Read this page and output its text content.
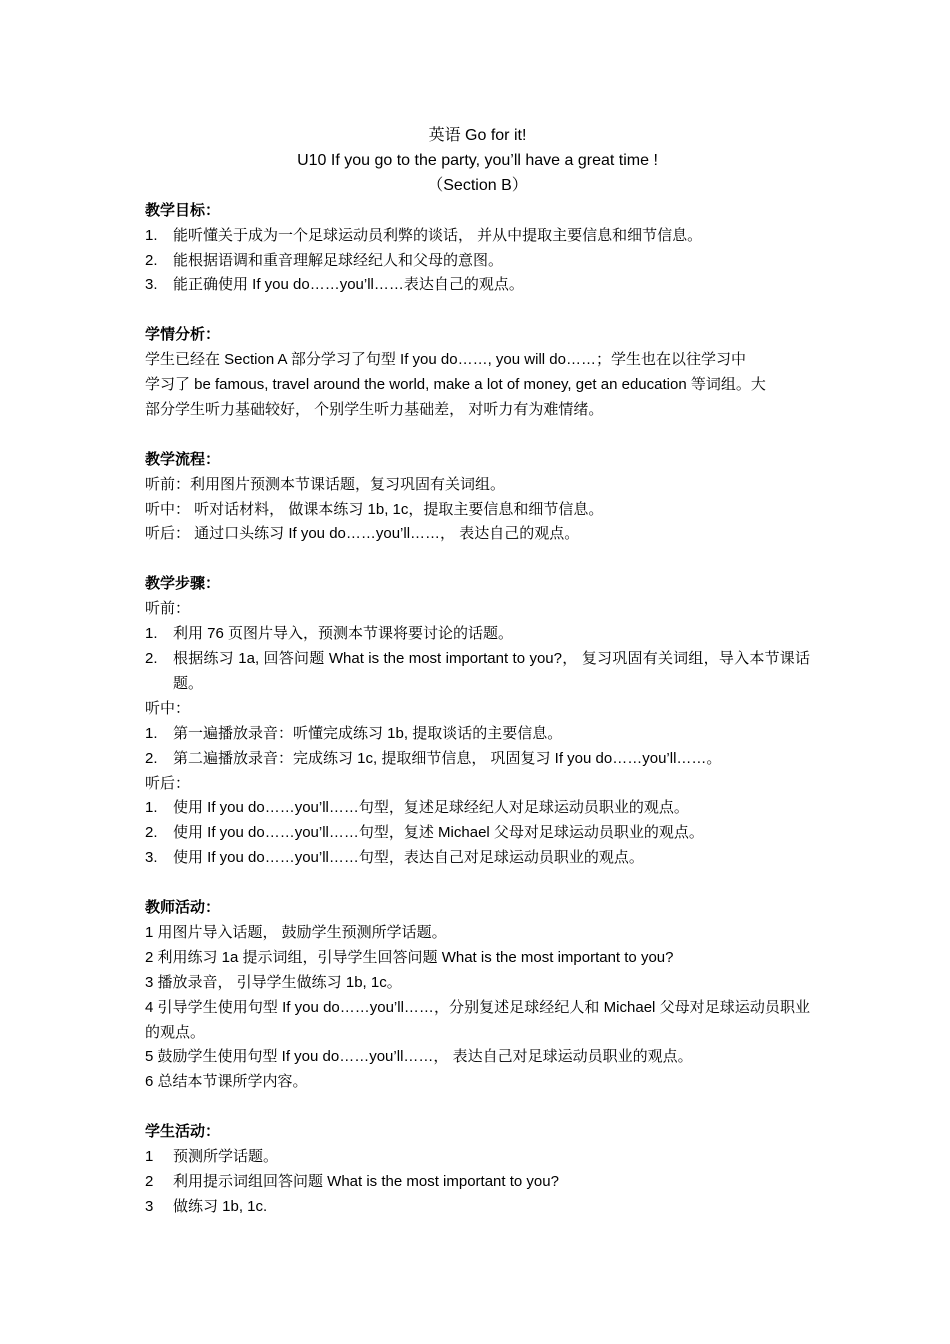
英语 Go for it!
U10 If you go to the party, you’ll have a great time !
（Section B）
教学目标：
1.	能听懂关于成为一个足球运动员利弊的谈话， 并从中提取主要信息和细节信息。
2.	能根据语调和重音理解足球经纪人和父母的意图。
3.	能正确使用 If you do……you’ll……表达自己的观点。
学情分析：
学生已经在 Section A 部分学习了句型 If you do……, you will do……；学生也在以往学习中
学习了 be famous, travel around the world, make a lot of money, get an education 等词组。大
部分学生听力基础较好， 个别学生听力基础差， 对听力有为难情绪。
教学流程：
听前：利用图片预测本节课话题，复习巩固有关词组。
听中： 听对话材料， 做课本练习 1b, 1c，提取主要信息和细节信息。
听后： 通过口头练习 If you do……you’ll……， 表达自己的观点。
教学步骤：
听前：
1.	利用 76 页图片导入，预测本节课将要讨论的话题。
2.	根据练习 1a, 回答问题 What is the most important to you?， 复习巩固有关词组，导入本节课话题。
听中：
1.	第一遍播放录音：听懂完成练习 1b, 提取谈话的主要信息。
2.	第二遍播放录音：完成练习 1c, 提取细节信息， 巩固复习 If you do……you’ll……。
听后：
1.	使用 If you do……you’ll……句型，复述足球经纪人对足球运动员职业的观点。
2.	使用 If you do……you’ll……句型，复述 Michael 父母对足球运动员职业的观点。
3.	使用 If you do……you’ll……句型，表达自己对足球运动员职业的观点。
教师活动：
1 用图片导入话题， 鼓励学生预测所学话题。
2 利用练习 1a 提示词组，引导学生回答问题 What is the most important to you?
3 播放录音， 引导学生做练习 1b, 1c。
4 引导学生使用句型 If you do……you’ll……，分别复述足球经纪人和 Michael 父母对足球运动员职业的观点。
5 鼓励学生使用句型 If you do……you’ll……， 表达自己对足球运动员职业的观点。
6 总结本节课所学内容。
学生活动：
1	预测所学话题。
2	利用提示词组回答问题 What is the most important to you?
3	做练习 1b, 1c.
